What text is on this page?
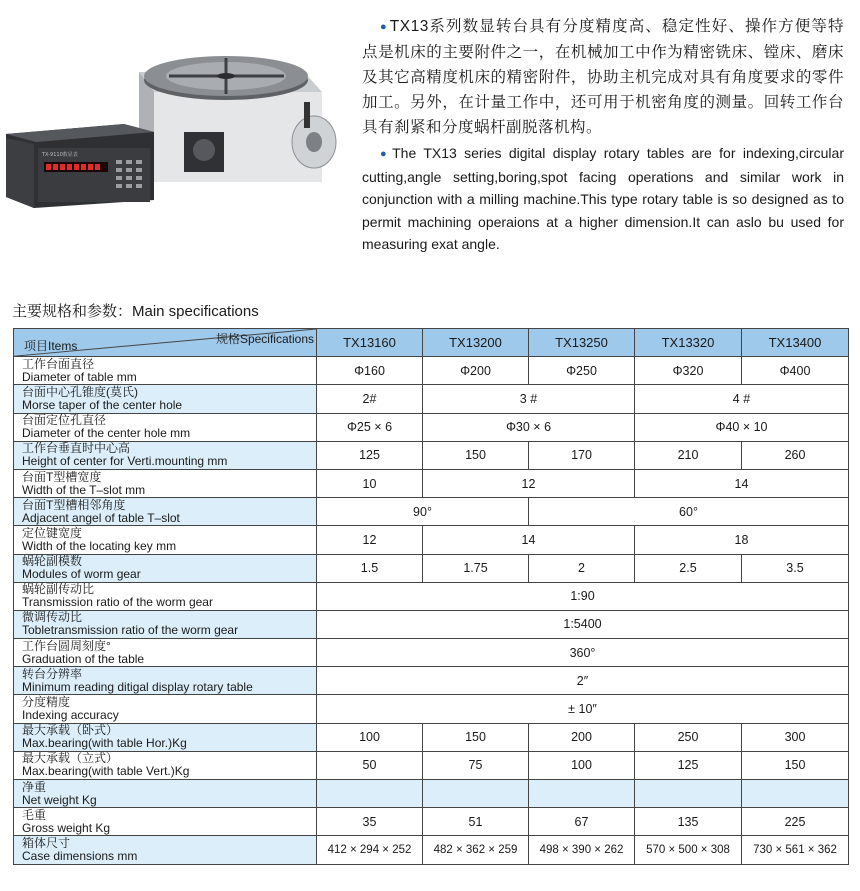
TX-9110数显表

● TX13系列数显转台具有分度精度高、稳定性好、操作方便等特点是机床的主要附件之一，在机械加工中作为精密铣床、镗床、磨床及其它高精度机床的精密附件，协助主机完成对具有角度要求的零件加工。另外，在计量工作中，还可用于机密角度的测量。回转工作台具有刹紧和分度蜗杆副脱落机构。

● The TX13 series digital display rotary tables are for indexing,circular cutting,angle setting,boring,spot facing operations and similar work in conjunction with a milling machine.This type rotary table is so designed as to permit machining operaions at a higher dimension.It can aslo bu used for measuring exat angle.

主要规格和参数：Main specifications
规格Specifications
项目Items	TX13160	TX13200	TX13250	TX13320	TX13400

工作台面直径
Diameter of table mm	Φ160	Φ200	Φ250	Φ320	Φ400

台面中心孔锥度(莫氏)
Morse taper of the center hole	2#	3 #		4 #	

台面定位孔直径
Diameter of the center hole mm	Φ25 × 6	Φ30 × 6		Φ40 × 10	

工作台垂直时中心高
Height of center for Verti.mounting mm	125	150	170	210	260

台面T型槽宽度
Width of the T–slot mm	10	12		14	

台面T型槽相邻角度
Adjacent angel of table T–slot	90°		60°		

定位键宽度
Width of the locating key mm	12	14		18	

蜗轮副模数
Modules of worm gear	1.5	1.75	2	2.5	3.5

蜗轮副传动比
Transmission ratio of the worm gear	1:90				

微调传动比
Tobletransmission ratio of the worm gear	1:5400				

工作台圆周刻度°
Graduation of the table	360°				

转台分辨率
Minimum reading ditigal display rotary table	2″				

分度精度
Indexing accuracy	± 10″				

最大承载（卧式）
Max.bearing(with table Hor.)Kg	100	150	200	250	300

最大承载（立式）
Max.bearing(with table Vert.)Kg	50	75	100	125	150

净重
Net weight Kg					

毛重
Gross weight Kg	35	51	67	135	225

箱体尺寸
Case dimensions mm	412 × 294 × 252	482 × 362 × 259	498 × 390 × 262	570 × 500 × 308	730 × 561 × 362
